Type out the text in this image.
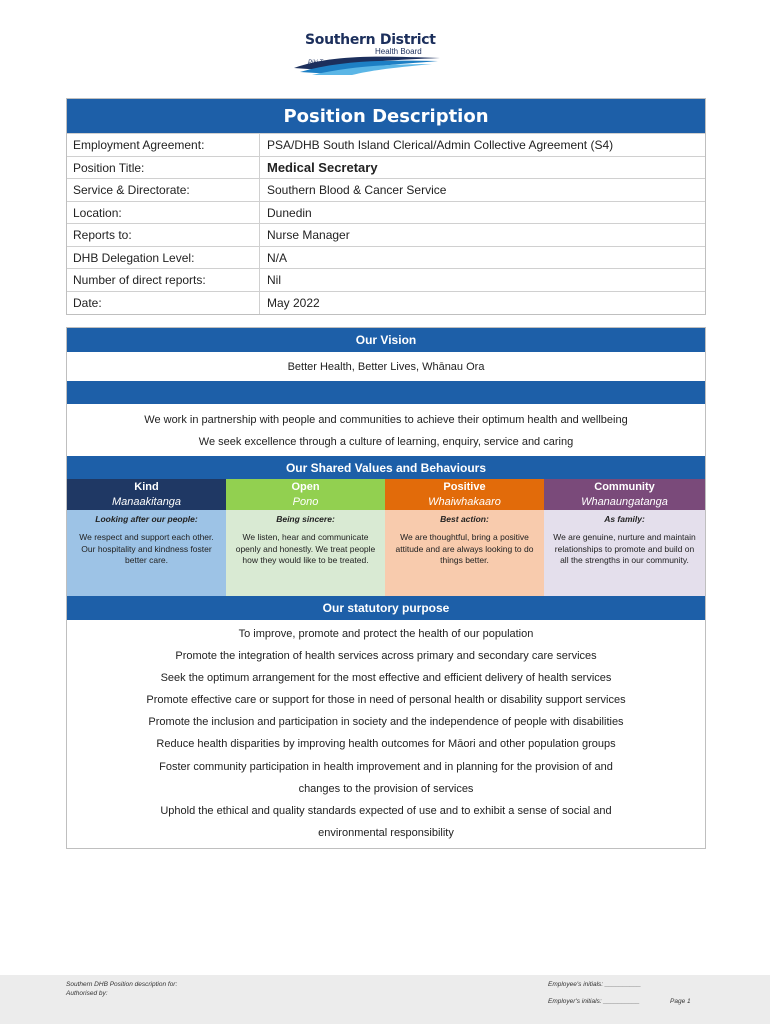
Southern District
Health Board
Piki Te Ora
Position Description
Employment Agreement:	PSA/DHB South Island Clerical/Admin Collective Agreement (S4)
Position Title:	Medical Secretary
Service & Directorate:	Southern Blood & Cancer Service
Location:	Dunedin
Reports to:	Nurse Manager
DHB Delegation Level:	N/A
Number of direct reports:	Nil
Date:	May 2022
Our Vision
Better Health, Better Lives, Whānau Ora
We work in partnership with people and communities to achieve their optimum health and wellbeing
We seek excellence through a culture of learning, enquiry, service and caring
Our Shared Values and Behaviours
Kind
Manaakitanga
Looking after our people:
We respect and support each other. Our hospitality and kindness foster better care.
Open
Pono
Being sincere:
We listen, hear and communicate openly and honestly. We treat people how they would like to be treated.
Positive
Whaiwhakaaro
Best action:
We are thoughtful, bring a positive attitude and are always looking to do things better.
Community
Whanaungatanga
As family:
We are genuine, nurture and maintain relationships to promote and build on all the strengths in our community.
Our statutory purpose
To improve, promote and protect the health of our population
Promote the integration of health services across primary and secondary care services
Seek the optimum arrangement for the most effective and efficient delivery of health services
Promote effective care or support for those in need of personal health or disability support services
Promote the inclusion and participation in society and the independence of people with disabilities
Reduce health disparities by improving health outcomes for Māori and other population groups
Foster community participation in health improvement and in planning for the provision of and
changes to the provision of services
Uphold the ethical and quality standards expected of use and to exhibit a sense of social and
environmental responsibility
Southern DHB Position description for:
Authorised by:
Employee's initials: __________
Employer's initials: __________	Page 1
